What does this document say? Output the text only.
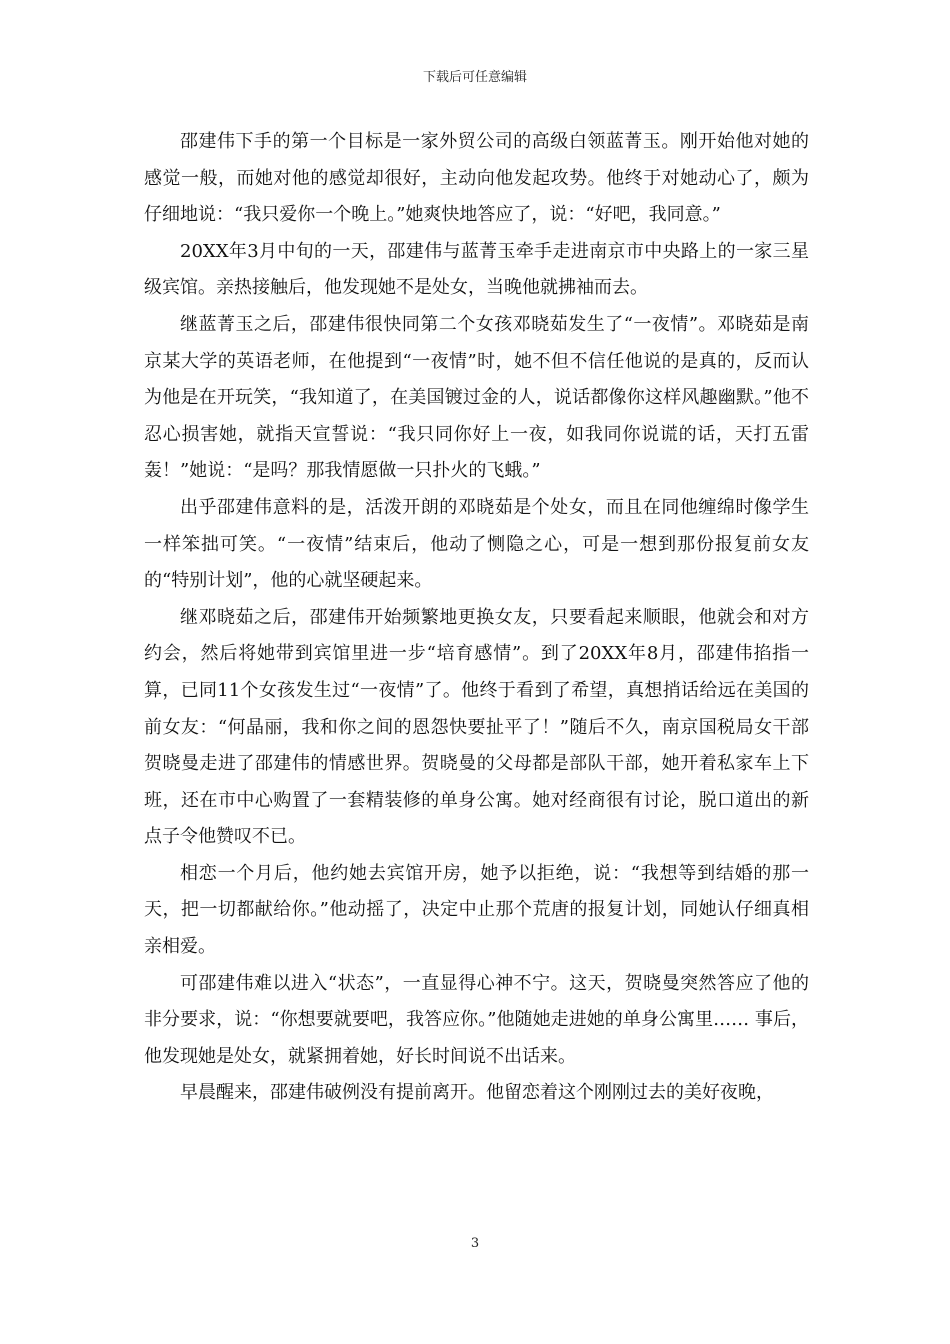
下载后可任意编辑

邵建伟下手的第一个目标是一家外贸公司的高级白领蓝菁玉。刚开始他对她的感觉一般，而她对他的感觉却很好，主动向他发起攻势。他终于对她动心了，颇为仔细地说：“我只爱你一个晚上。”她爽快地答应了，说：“好吧，我同意。”

20XX年3月中旬的一天，邵建伟与蓝菁玉牵手走进南京市中央路上的一家三星级宾馆。亲热接触后，他发现她不是处女，当晚他就拂袖而去。

继蓝菁玉之后，邵建伟很快同第二个女孩邓晓茹发生了“一夜情”。邓晓茹是南京某大学的英语老师，在他提到“一夜情”时，她不但不信任他说的是真的，反而认为他是在开玩笑，“我知道了，在美国镀过金的人，说话都像你这样风趣幽默。”他不忍心损害她，就指天宣誓说：“我只同你好上一夜，如我同你说谎的话，天打五雷轰！”她说：“是吗？那我情愿做一只扑火的飞蛾。”

出乎邵建伟意料的是，活泼开朗的邓晓茹是个处女，而且在同他缠绵时像学生一样笨拙可笑。“一夜情”结束后，他动了恻隐之心，可是一想到那份报复前女友的“特别计划”，他的心就坚硬起来。

继邓晓茹之后，邵建伟开始频繁地更换女友，只要看起来顺眼，他就会和对方约会，然后将她带到宾馆里进一步“培育感情”。到了20XX年8月，邵建伟掐指一算，已同11个女孩发生过“一夜情”了。他终于看到了希望，真想捎话给远在美国的前女友：“何晶丽，我和你之间的恩怨快要扯平了！”随后不久，南京国税局女干部贺晓曼走进了邵建伟的情感世界。贺晓曼的父母都是部队干部，她开着私家车上下班，还在市中心购置了一套精装修的单身公寓。她对经商很有讨论，脱口道出的新点子令他赞叹不已。

相恋一个月后，他约她去宾馆开房，她予以拒绝，说：“我想等到结婚的那一天，把一切都献给你。”他动摇了，决定中止那个荒唐的报复计划，同她认仔细真相亲相爱。

可邵建伟难以进入“状态”，一直显得心神不宁。这天，贺晓曼突然答应了他的非分要求，说：“你想要就要吧，我答应你。”他随她走进她的单身公寓里…… 事后，他发现她是处女，就紧拥着她，好长时间说不出话来。

早晨醒来，邵建伟破例没有提前离开。他留恋着这个刚刚过去的美好夜晚，

3
